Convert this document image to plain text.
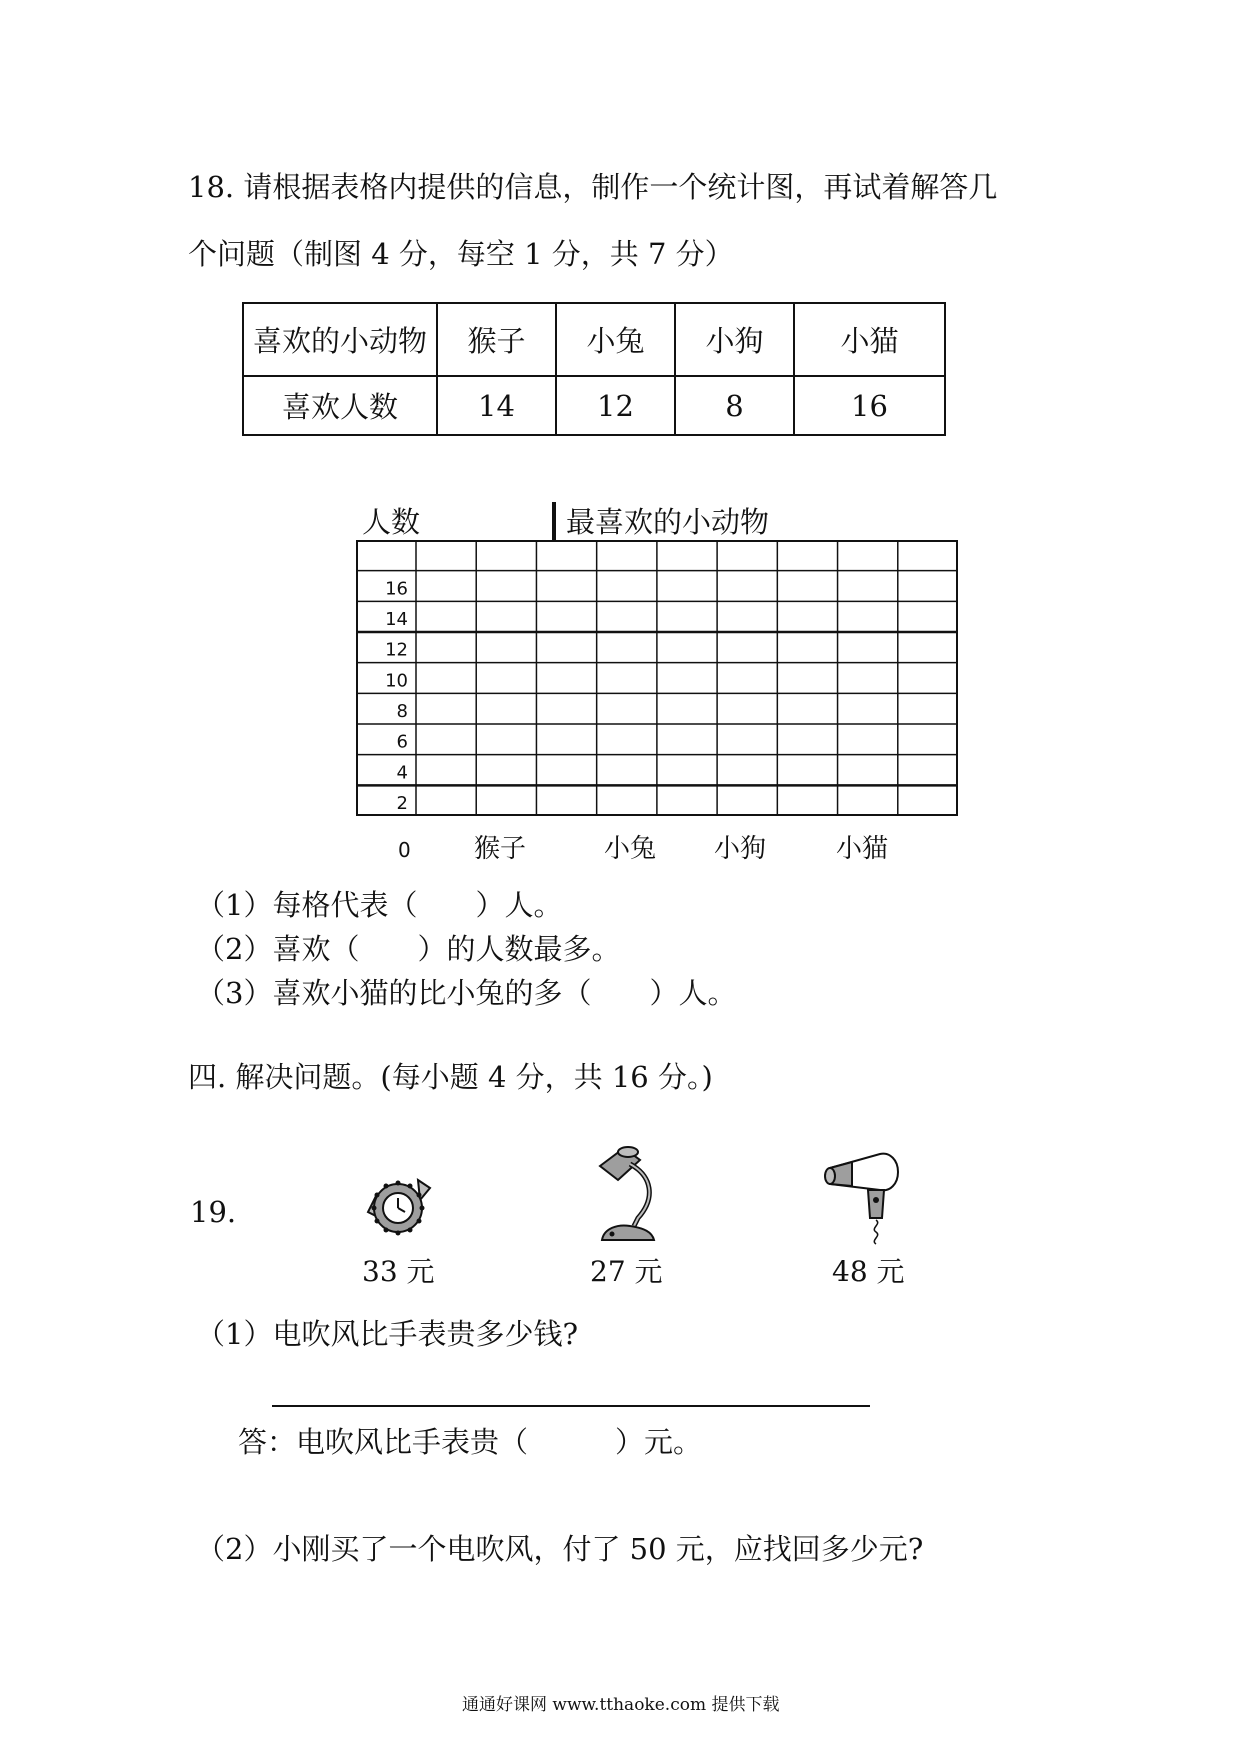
18. 请根据表格内提供的信息，制作一个统计图，再试着解答几
个问题（制图 4 分，每空 1 分，共 7 分）
喜欢的小动物	猴子	小兔	小狗	小猫
喜欢人数	14	12	8	16
人数	最喜欢的小动物
16
14
12
10
8
6
4
2
0 猴子	小兔 小狗	小猫
（1）每格代表（　　）人。
（2）喜欢（　　）的人数最多。
（3）喜欢小猫的比小兔的多（　　）人。
四. 解决问题。(每小题 4 分，共 16 分。)
19.
33 元	27 元	48 元
（1）电吹风比手表贵多少钱?
答：电吹风比手表贵（　　　）元。
（2）小刚买了一个电吹风，付了 50 元，应找回多少元?
通通好课网 www.tthaoke.com 提供下载
